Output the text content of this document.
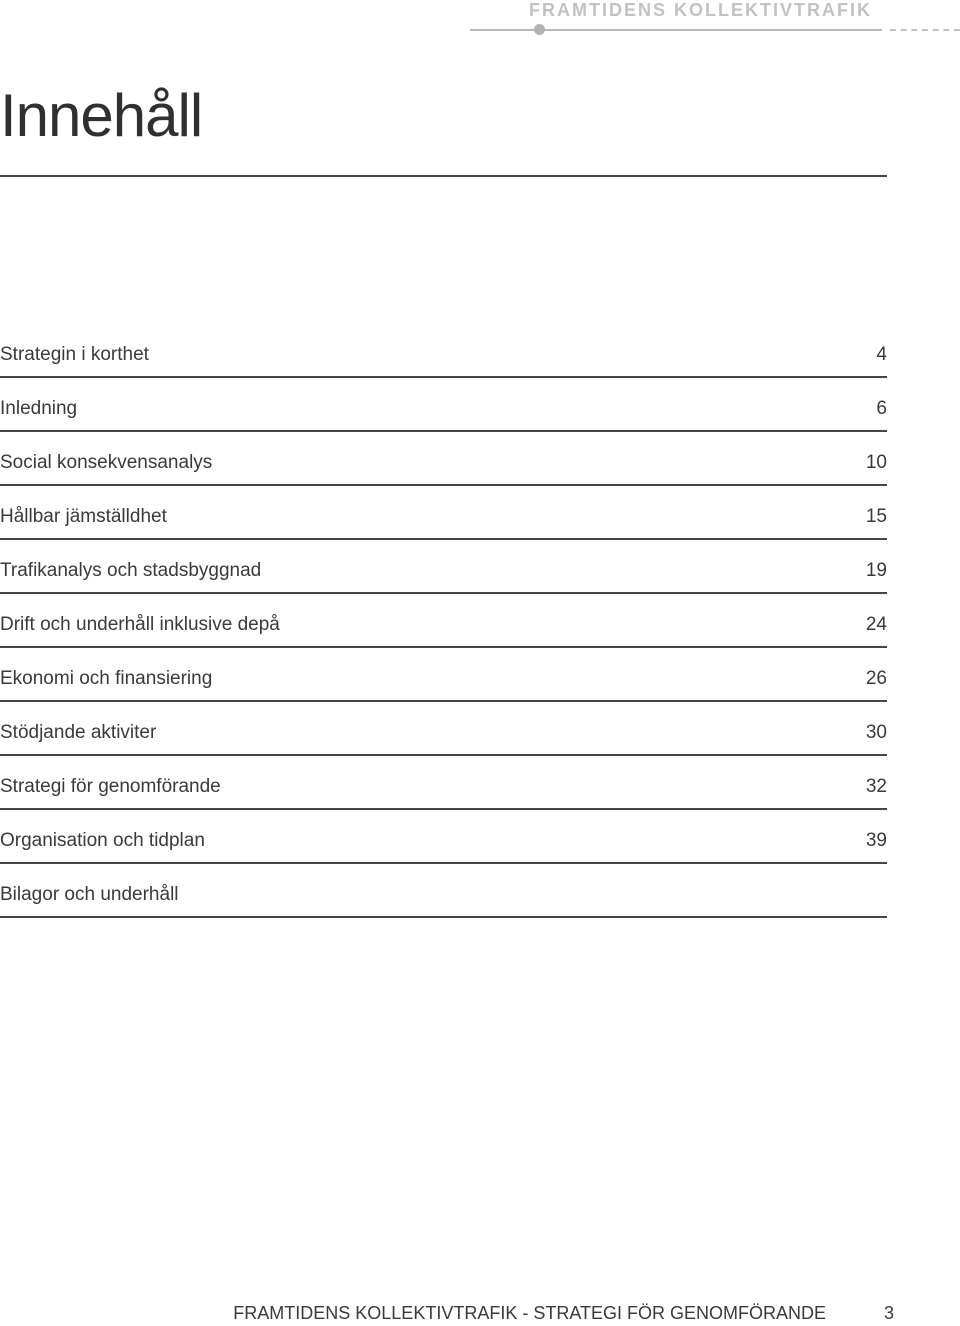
FRAMTIDENS KOLLEKTIVTRAFIK
Innehåll
Strategin i korthet	4
Inledning	6
Social konsekvensanalys	10
Hållbar jämställdhet	15
Trafikanalys och stadsbyggnad	19
Drift och underhåll inklusive depå	24
Ekonomi och finansiering	26
Stödjande aktiviter	30
Strategi för genomförande	32
Organisation och tidplan	39
Bilagor och underhåll
FRAMTIDENS KOLLEKTIVTRAFIK - STRATEGI FÖR GENOMFÖRANDE	3
